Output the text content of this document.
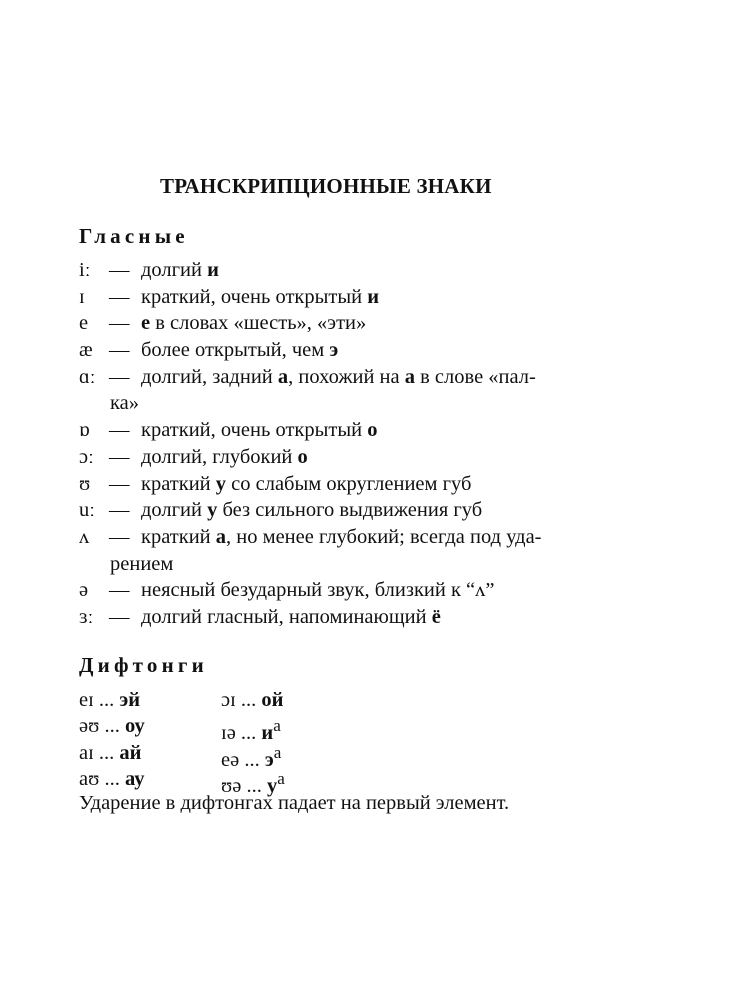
ТРАНСКРИПЦИОННЫЕ ЗНАКИ
Гласные
iː — долгий и
ɪ	— краткий, очень открытый и
e	— е в словах «шесть», «эти»
æ — более открытый, чем э
ɑː — долгий, задний а, похожий на а в слове «пал-
ка»
ɒ — краткий, очень открытый о
ɔː — долгий, глубокий о
ʊ — краткий у со слабым округлением губ
uː — долгий у без сильного выдвижения губ
ʌ — краткий а, но менее глубокий; всегда под уда-
рением
ə	— неясный безударный звук, близкий к “ʌ”
ɜː — долгий гласный, напоминающий ё
Дифтонги
eɪ ... эй	ɔɪ ... ой
əʊ ... оу	ɪə ... $и^а$
aɪ ... ай	eə ... $э^а$
aʊ ... ау	ʊə ... $у^а$
Ударение в дифтонгах падает на первый элемент.
